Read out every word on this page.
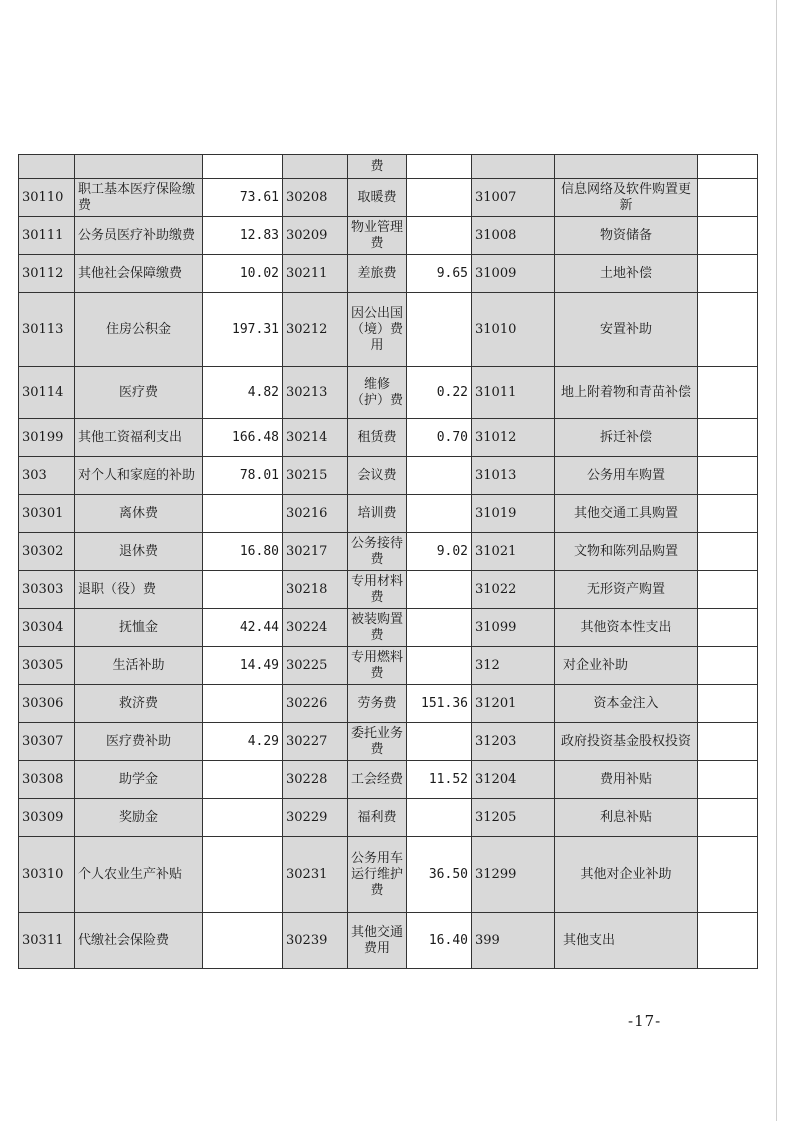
				费				
30110	职工基本医疗保险缴费	73.61	30208	取暖费		31007	信息网络及软件购置更新	
30111	公务员医疗补助缴费	12.83	30209	物业管理费		31008	物资储备	
30112	其他社会保障缴费	10.02	30211	差旅费	9.65	31009	土地补偿	
30113	住房公积金	197.31	30212	因公出国（境）费用		31010	安置补助	
30114	医疗费	4.82	30213	维修（护）费	0.22	31011	地上附着物和青苗补偿	
30199	其他工资福利支出	166.48	30214	租赁费	0.70	31012	拆迁补偿	
303	对个人和家庭的补助	78.01	30215	会议费		31013	公务用车购置	
30301	离休费		30216	培训费		31019	其他交通工具购置	
30302	退休费	16.80	30217	公务接待费	9.02	31021	文物和陈列品购置	
30303	退职（役）费		30218	专用材料费		31022	无形资产购置	
30304	抚恤金	42.44	30224	被装购置费		31099	其他资本性支出	
30305	生活补助	14.49	30225	专用燃料费		312	对企业补助	
30306	救济费		30226	劳务费	151.36	31201	资本金注入	
30307	医疗费补助	4.29	30227	委托业务费		31203	政府投资基金股权投资	
30308	助学金		30228	工会经费	11.52	31204	费用补贴	
30309	奖励金		30229	福利费		31205	利息补贴	
30310	个人农业生产补贴		30231	公务用车运行维护费	36.50	31299	其他对企业补助	
30311	代缴社会保险费		30239	其他交通费用	16.40	399	其他支出	
-17-
